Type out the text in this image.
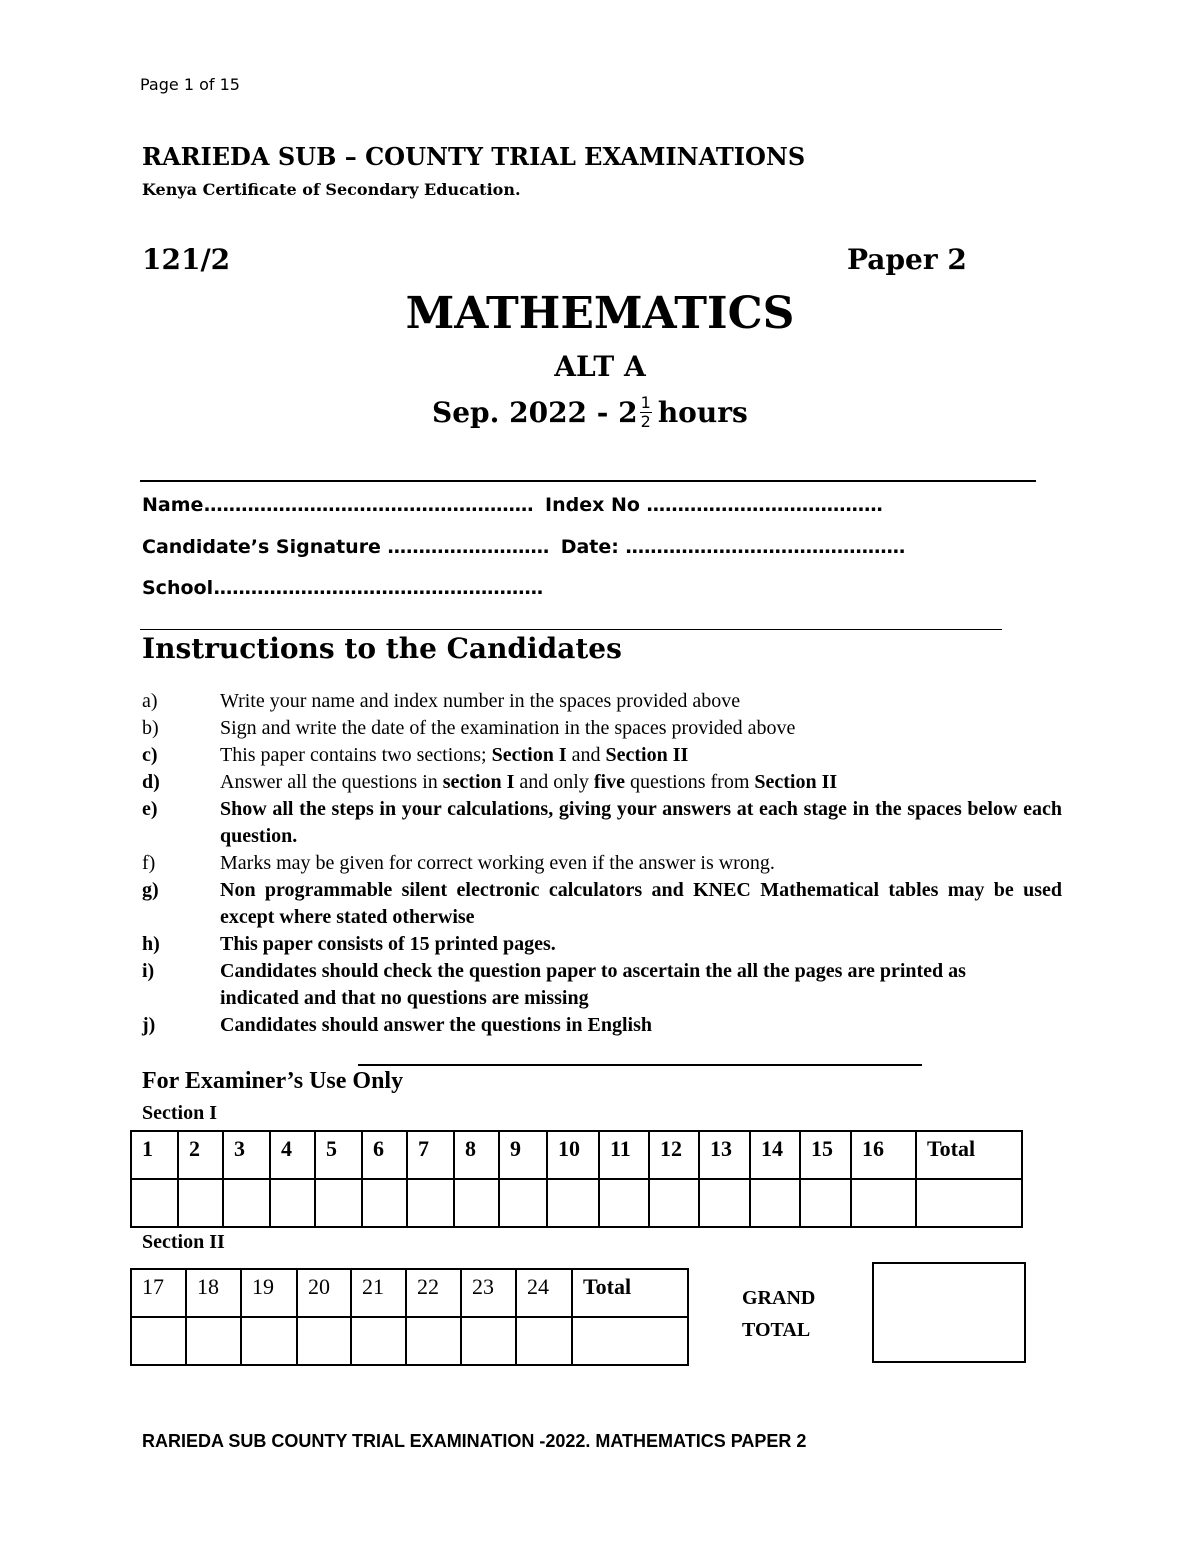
Page 1 of 15
RARIEDA SUB – COUNTY TRIAL EXAMINATIONS
Kenya Certificate of Secondary Education.
121/2	Paper 2
MATHEMATICS
ALT A
Sep. $2022 - 2 \frac{1}{2}$ hours
Name..................................................... Index No ......................................
Candidate’s Signature .......................... Date: .............................................
School.....................................................
Instructions to the Candidates
a)	Write your name and index number in the spaces provided above
b)	Sign and write the date of the examination in the spaces provided above
c)	This paper contains two sections; Section I and Section II
d)	Answer all the questions in section I and only five questions from Section II
e)	Show all the steps in your calculations, giving your answers at each stage in the spaces below each question.
f)	Marks may be given for correct working even if the answer is wrong.
g)	Non programmable silent electronic calculators and KNEC Mathematical tables may be used except where stated otherwise
h)	This paper consists of 15 printed pages.
i)	Candidates should check the question paper to ascertain the all the pages are printed as indicated and that no questions are missing
j)	Candidates should answer the questions in English
For Examiner’s Use Only
Section I
1	2	3	4	5	6	7	8	9	10	11	12	13	14	15	16	Total

Section II
17	18	19	20	21	22	23	24	Total
									GRAND TOTAL
RARIEDA SUB COUNTY TRIAL EXAMINATION -2022. MATHEMATICS PAPER 2
